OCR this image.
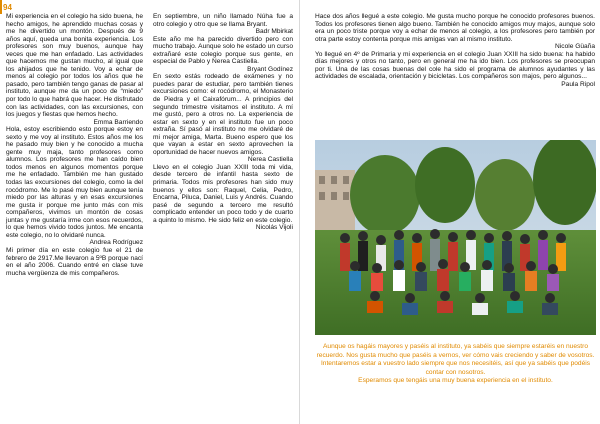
94

Mi experiencia en el colegio ha sido buena, he hecho amigos, he aprendido muchas cosas y me he divertido un montón. Después de 9 años aquí, queda una bonita experiencia. Los profesores son muy buenos, aunque hay veces que me han enfadado. Las actividades que hacemos me gustan mucho, al igual que los ahijados que he tenido. Voy a echar de menos al colegio por todos los años que he pasado, pero también tengo ganas de pasar al instituto, aunque me da un poco de “miedo” por todo lo que habrá que hacer. He disfrutado con las actividades, con las excursiones, con los juegos y fiestas que hemos hecho.

Emma Barriendo

Hola, estoy escribiendo esto porque estoy en sexto y me voy al instituto. Estos años me los he pasado muy bien y he conocido a mucha gente muy maja, tanto profesores como alumnos. Los profesores me han caído bien todos menos en algunos momentos porque me he enfadado. También me han gustado todas las excursiones del colegio, como la del rocódromo. Me lo pasé muy bien aunque tenía miedo por las alturas y en esas excursiones me gusta ir porque me junto más con mis compañeros, vivimos un montón de cosas juntas y me gustaría irme con esos recuerdos, lo que hemos vivido todos juntos. Me encanta este colegio, no lo olvidaré nunca.

Andrea Rodríguez

Mi primer día en este colegio fue el 21 de febrero de 2917.Me llevaron a 5ºB porque nací en el año 2006. Cuando entré en clase tuve mucha vergüenza de mis compañeros.

En septiembre, un niño llamado Núha fue a otro colegio y otro que se llama Bryant.

Badr Mbirkat

Este año me ha parecido divertido pero con mucho trabajo. Aunque solo he estado un curso extrañaré este colegio porque sus gente, en especial de Pablo y Nerea Castiella.

Bryant Godínez

En sexto estás rodeado de exámenes y no puedes parar de estudiar, pero también tienes excursiones como: el rocódromo, el Monasterio de Piedra y el Caixafórum... A principios del segundo trimestre visitamos el instituto. A mí me gustó, pero a otros no. La experiencia de estar en sexto y en el instituto fue un poco extraña. Sí pasó al instituto no me olvidaré de mi mejor amiga, Marta. Bueno espero que los que vayan a estar en sexto aprovechen la oportunidad de hacer nuevos amigos.

Nerea Castiella

Llevo en el colegio Juan XXIII toda mi vida, desde tercero de infantil hasta sexto de primaria. Todos mis profesores han sido muy buenos y ellos son: Raquel, Celia, Pedro, Encarna, Piluca, Daniel, Luis y Andrés. Cuando pasé de segundo a tercero me resultó complicado entender un poco todo y de cuarto a quinto lo mismo. He sido feliz en este colegio.

Nicolás Vijoli

Hace dos años llegué a este colegio. Me gusta mucho porque he conocido profesores buenos. Todos los profesores tienen algo bueno. También he conocido amigos muy majos, aunque solo era un poco triste porque voy a echar de menos al colegio, a los profesores pero también por otra parte estoy contenta porque mis amigas van al mismo instituto.

Nicole Güaña

Yo llegué en 4º de Primaria y mi experiencia en el colegio Juan XXIII ha sido buena: ha habido días mejores y otros no tanto, pero en general me ha ido bien. Los profesores se preocupan por ti. Una de las cosas buenas del cole ha sido el programa de alumnos ayudantes y las actividades de escalada, orientación y bicicletas. Los compañeros son majos, pero algunos...

Paula Ripol

Aunque os hagáis mayores y paséis al instituto, ya sabéis que siempre estaréis en nuestro recuerdo. Nos gusta mucho que paséis a vernos, ver cómo vais creciendo y saber de vosotros.

Intentaremos estar a vuestro lado siempre que nos necesitéis, así que ya sabéis que podéis contar con nosotros.

Esperamos que tengáis una muy buena experiencia en el instituto.
